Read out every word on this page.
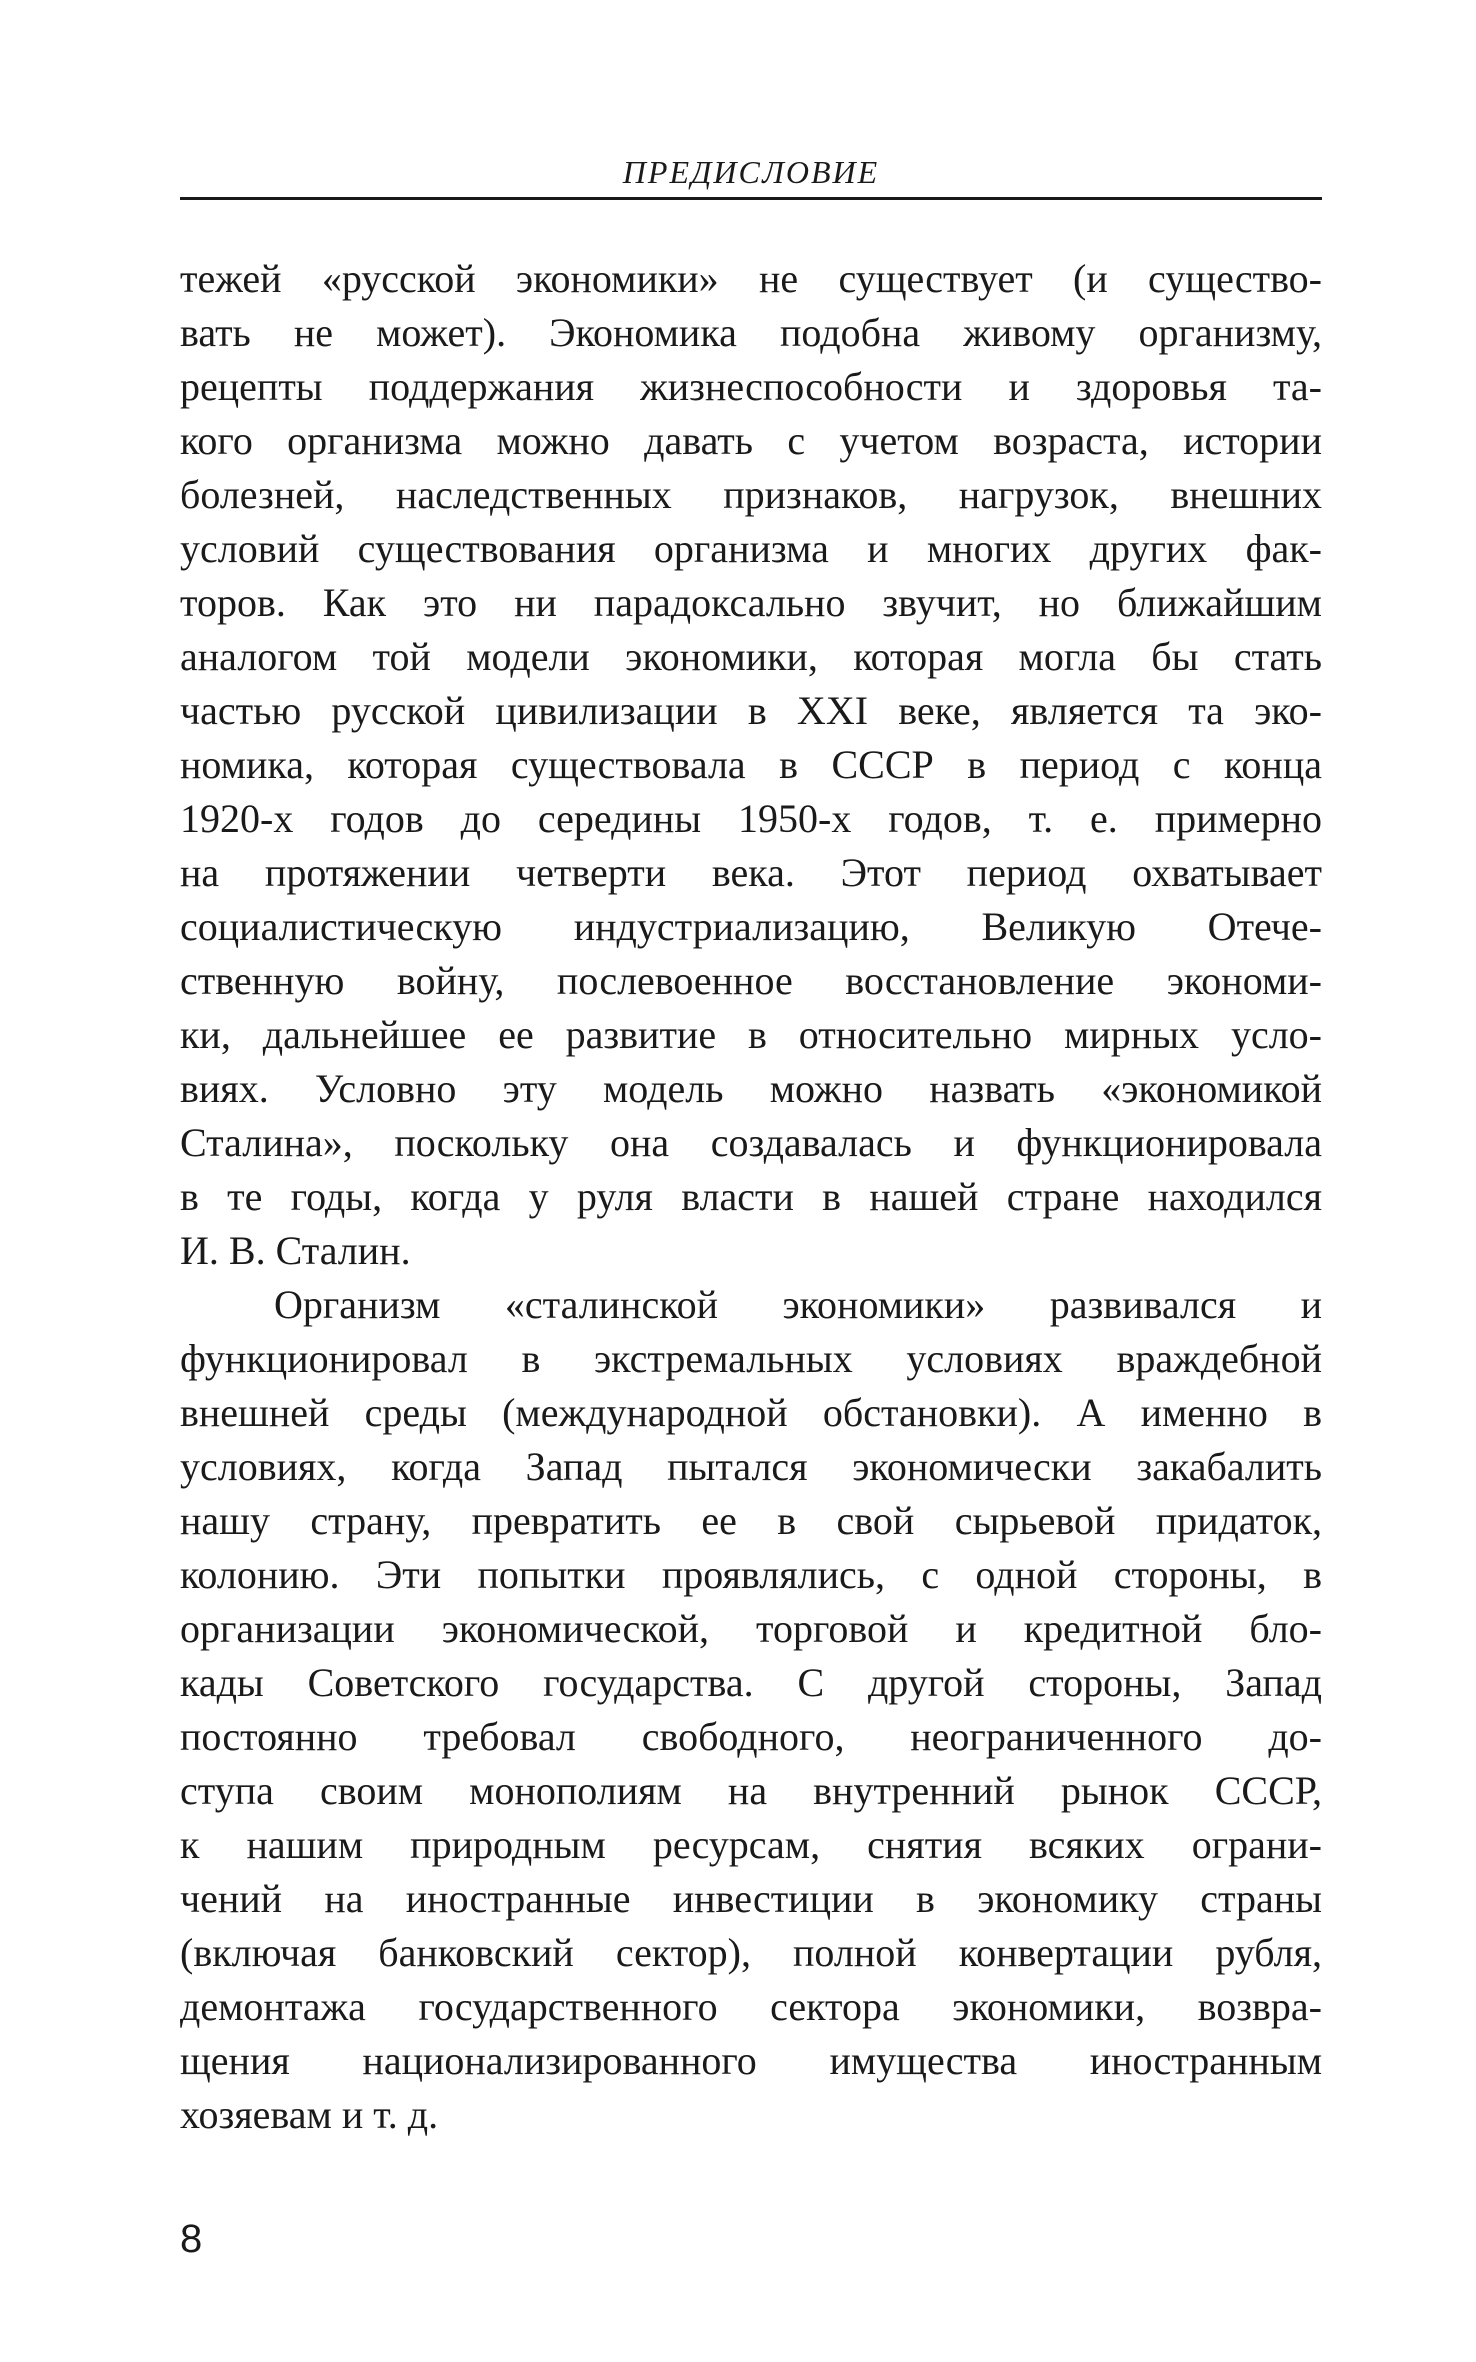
ПРЕДИСЛОВИЕ
тежей «русской экономики» не существует (и существо-
вать не может). Экономика подобна живому организму,
рецепты поддержания жизнеспособности и здоровья та-
кого организма можно давать с учетом возраста, истории
болезней, наследственных признаков, нагрузок, внешних
условий существования организма и многих других фак-
торов. Как это ни парадоксально звучит, но ближайшим
аналогом той модели экономики, которая могла бы стать
частью русской цивилизации в XXI веке, является та эко-
номика, которая существовала в СССР в период с конца
1920-х годов до середины 1950-х годов, т. е. примерно
на протяжении четверти века. Этот период охватывает
социалистическую индустриализацию, Великую Отече-
ственную войну, послевоенное восстановление экономи-
ки, дальнейшее ее развитие в относительно мирных усло-
виях. Условно эту модель можно назвать «экономикой
Сталина», поскольку она создавалась и функционировала
в те годы, когда у руля власти в нашей стране находился
И. В. Сталин.
Организм «сталинской экономики» развивался и
функционировал в экстремальных условиях враждебной
внешней среды (международной обстановки). А именно в
условиях, когда Запад пытался экономически закабалить
нашу страну, превратить ее в свой сырьевой придаток,
колонию. Эти попытки проявлялись, с одной стороны, в
организации экономической, торговой и кредитной бло-
кады Советского государства. С другой стороны, Запад
постоянно требовал свободного, неограниченного до-
ступа своим монополиям на внутренний рынок СССР,
к нашим природным ресурсам, снятия всяких ограни-
чений на иностранные инвестиции в экономику страны
(включая банковский сектор), полной конвертации рубля,
демонтажа государственного сектора экономики, возвра-
щения национализированного имущества иностранным
хозяевам и т. д.
8
